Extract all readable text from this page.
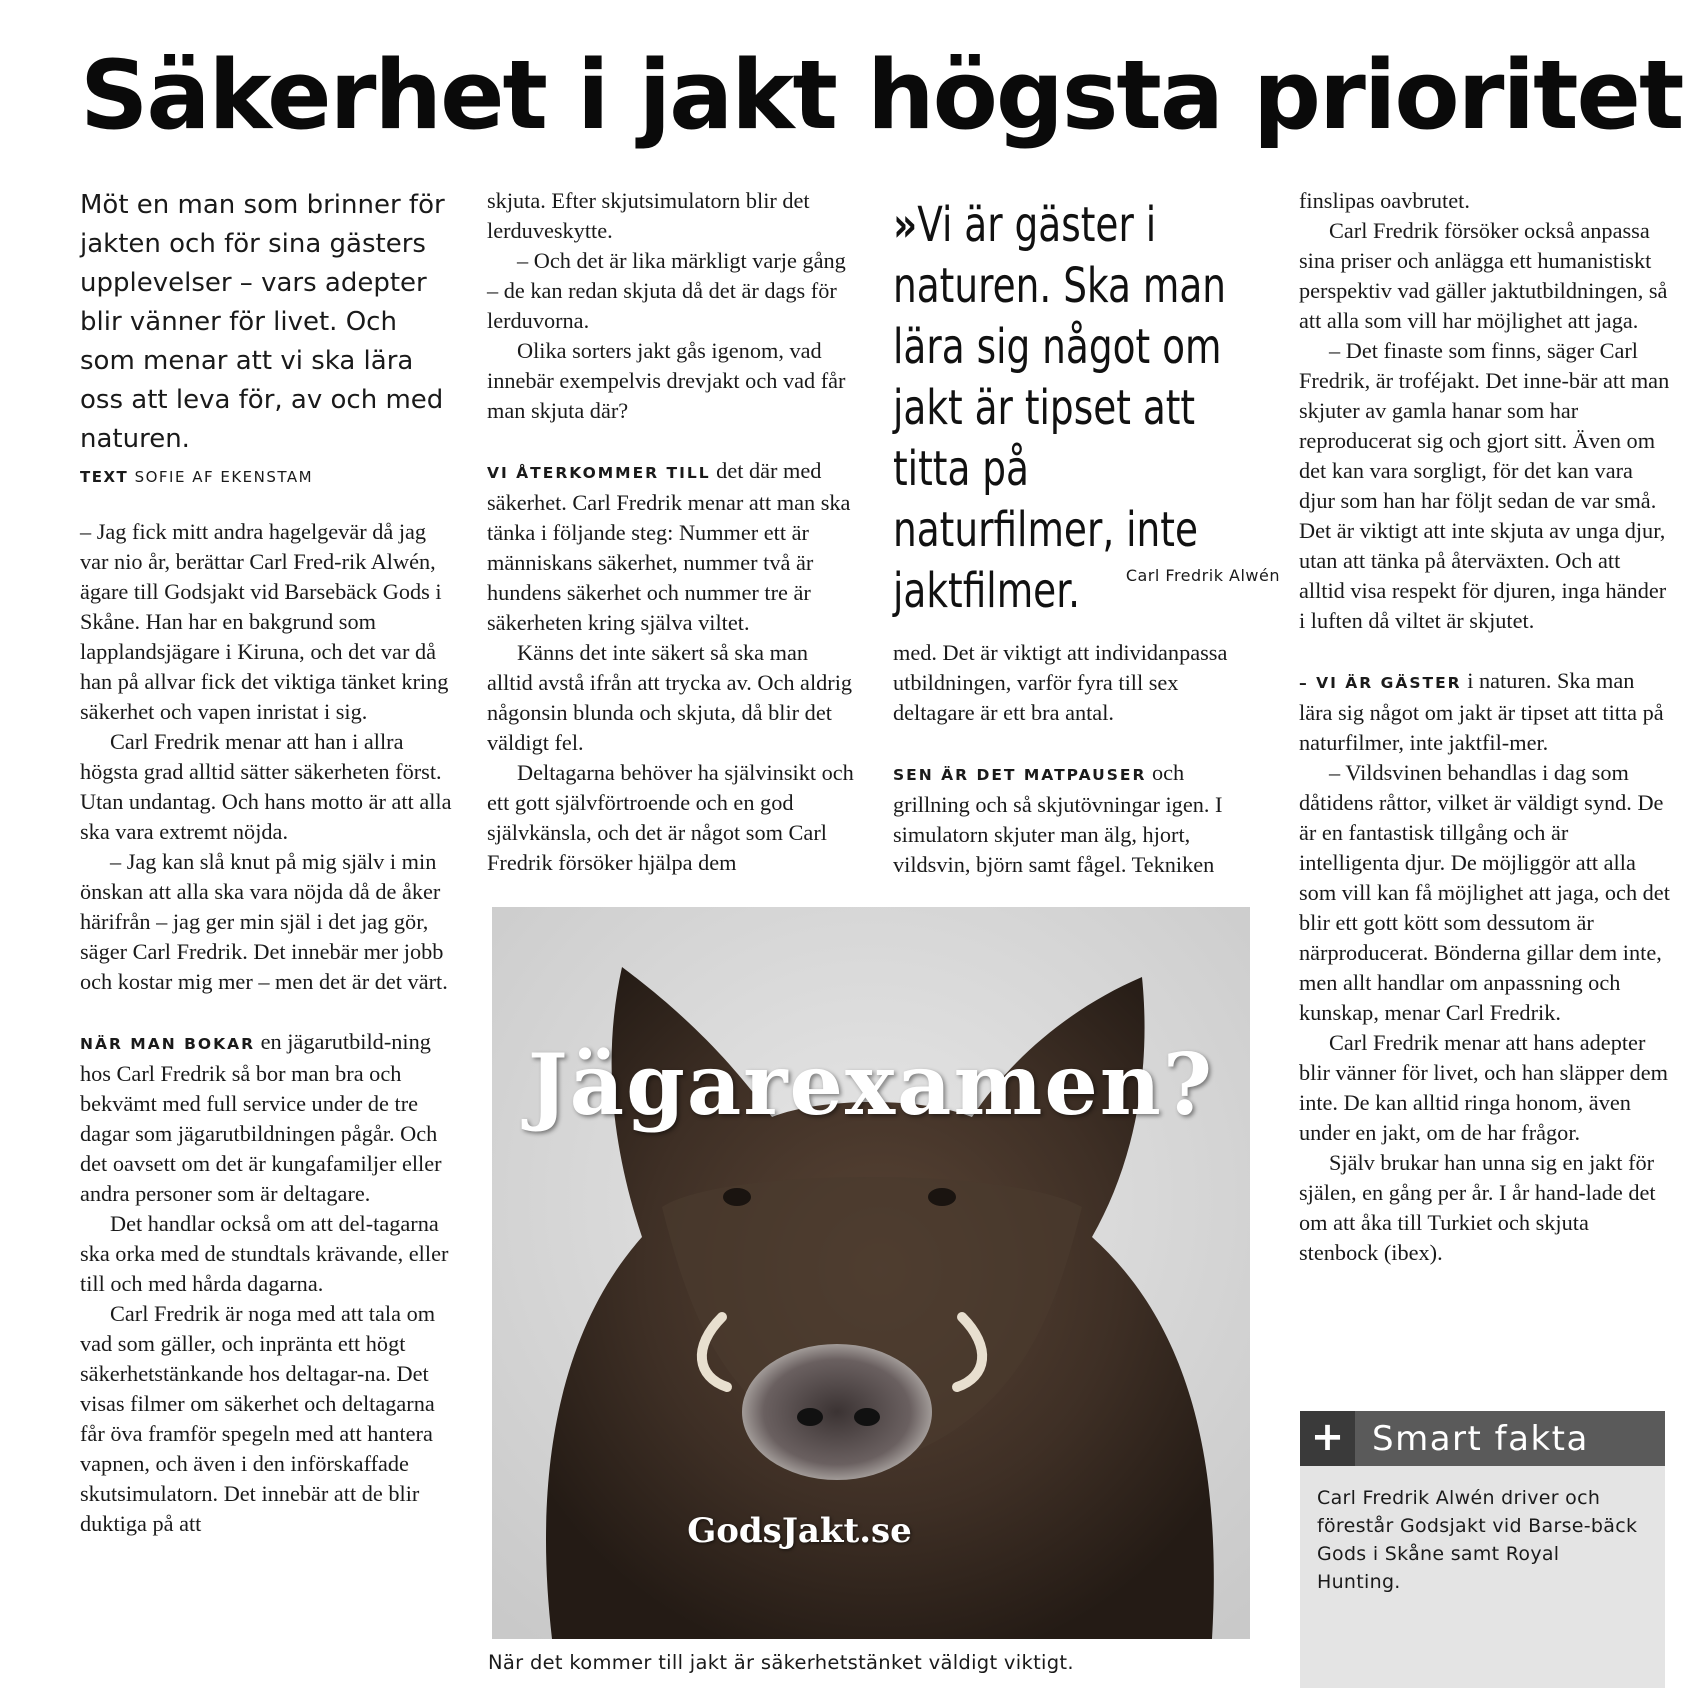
Säkerhet i jakt högsta prioritet

Möt en man som brinner för jakten och för sina gästers upplevelser – vars adepter blir vänner för livet. Och som menar att vi ska lära oss att leva för, av och med naturen.

TEXT SOFIE AF EKENSTAM

– Jag fick mitt andra hagelgevär då jag var nio år, berättar Carl Fred-rik Alwén, ägare till Godsjakt vid Barsebäck Gods i Skåne. Han har en bakgrund som lapplandsjägare i Kiruna, och det var då han på allvar fick det viktiga tänket kring säkerhet och vapen inristat i sig.

Carl Fredrik menar att han i allra högsta grad alltid sätter säkerheten först. Utan undantag. Och hans motto är att alla ska vara extremt nöjda.

– Jag kan slå knut på mig själv i min önskan att alla ska vara nöjda då de åker härifrån – jag ger min själ i det jag gör, säger Carl Fredrik. Det innebär mer jobb och kostar mig mer – men det är det värt.

NÄR MAN BOKAR en jägarutbild-ning hos Carl Fredrik så bor man bra och bekvämt med full service under de tre dagar som jägarutbildningen pågår. Och det oavsett om det är kungafamiljer eller andra personer som är deltagare.

Det handlar också om att del-tagarna ska orka med de stundtals krävande, eller till och med hårda dagarna.

Carl Fredrik är noga med att tala om vad som gäller, och inpränta ett högt säkerhetstänkande hos deltagar-na. Det visas filmer om säkerhet och deltagarna får öva framför spegeln med att hantera vapnen, och även i den införskaffade skutsimulatorn. Det innebär att de blir duktiga på att

skjuta. Efter skjutsimulatorn blir det lerduveskytte.

– Och det är lika märkligt varje gång – de kan redan skjuta då det är dags för lerduvorna.

Olika sorters jakt gås igenom, vad innebär exempelvis drevjakt och vad får man skjuta där?

VI ÅTERKOMMER TILL det där med säkerhet. Carl Fredrik menar att man ska tänka i följande steg: Nummer ett är människans säkerhet, nummer två är hundens säkerhet och nummer tre är säkerheten kring själva viltet.

Känns det inte säkert så ska man alltid avstå ifrån att trycka av. Och aldrig någonsin blunda och skjuta, då blir det väldigt fel.

Deltagarna behöver ha självinsikt och ett gott självförtroende och en god självkänsla, och det är något som Carl Fredrik försöker hjälpa dem

»Vi är gäster i naturen. Ska man lära sig något om jakt är tipset att titta på naturfilmer, inte jaktfilmer.	Carl Fredrik Alwén

med. Det är viktigt att individanpassa utbildningen, varför fyra till sex deltagare är ett bra antal.

SEN ÄR DET MATPAUSER och grillning och så skjutövningar igen. I simulatorn skjuter man älg, hjort, vildsvin, björn samt fågel. Tekniken

finslipas oavbrutet.

Carl Fredrik försöker också anpassa sina priser och anlägga ett humanistiskt perspektiv vad gäller jaktutbildningen, så att alla som vill har möjlighet att jaga.

– Det finaste som finns, säger Carl Fredrik, är troféjakt. Det inne-bär att man skjuter av gamla hanar som har reproducerat sig och gjort sitt. Även om det kan vara sorgligt, för det kan vara djur som han har följt sedan de var små. Det är viktigt att inte skjuta av unga djur, utan att tänka på återväxten. Och att alltid visa respekt för djuren, inga händer i luften då viltet är skjutet.

– VI ÄR GÄSTER i naturen. Ska man lära sig något om jakt är tipset att titta på naturfilmer, inte jaktfil-mer.

– Vildsvinen behandlas i dag som dåtidens råttor, vilket är väldigt synd. De är en fantastisk tillgång och är intelligenta djur. De möjliggör att alla som vill kan få möjlighet att jaga, och det blir ett gott kött som dessutom är närproducerat. Bönderna gillar dem inte, men allt handlar om anpassning och kunskap, menar Carl Fredrik.

Carl Fredrik menar att hans adepter blir vänner för livet, och han släpper dem inte. De kan alltid ringa honom, även under en jakt, om de har frågor.

Själv brukar han unna sig en jakt för själen, en gång per år. I år hand-lade det om att åka till Turkiet och skjuta stenbock (ibex).

Jägarexamen?
GodsJakt.se
När det kommer till jakt är säkerhetstänket väldigt viktigt.
+ Smart fakta
Carl Fredrik Alwén driver och förestår Godsjakt vid Barse-bäck Gods i Skåne samt Royal Hunting.
